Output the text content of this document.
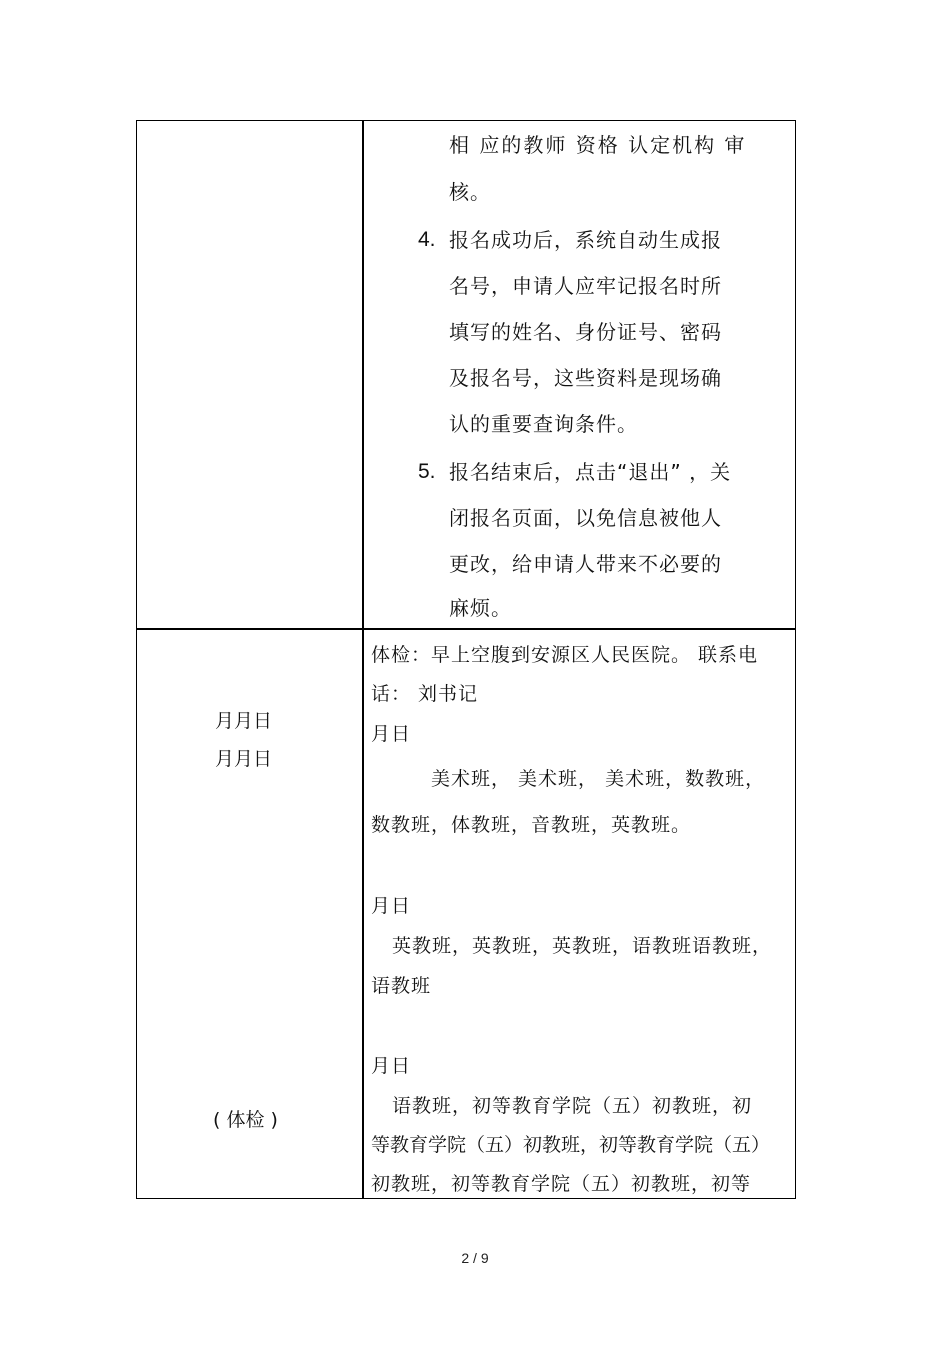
相 应的教师 资格 认定机构 审
核。
4. 报名成功后，系统自动生成报
名号，申请人应牢记报名时所
填写的姓名、身份证号、密码
及报名号，这些资料是现场确
认的重要查询条件。
5. 报名结束后，点击“退出” ，关
闭报名页面，以免信息被他人
更改，给申请人带来不必要的
麻烦。
月月日
月月日
( 体检 )
体检：早上空腹到安源区人民医院。 联系电
话： 刘书记
月日
美术班， 美术班， 美术班，数教班，
数教班，体教班，音教班，英教班。
月日
英教班，英教班，英教班，语教班语教班，
语教班
月日
语教班，初等教育学院（五）初教班，初
等教育学院（五）初教班，初等教育学院（五）
初教班，初等教育学院（五）初教班，初等
2 / 9
